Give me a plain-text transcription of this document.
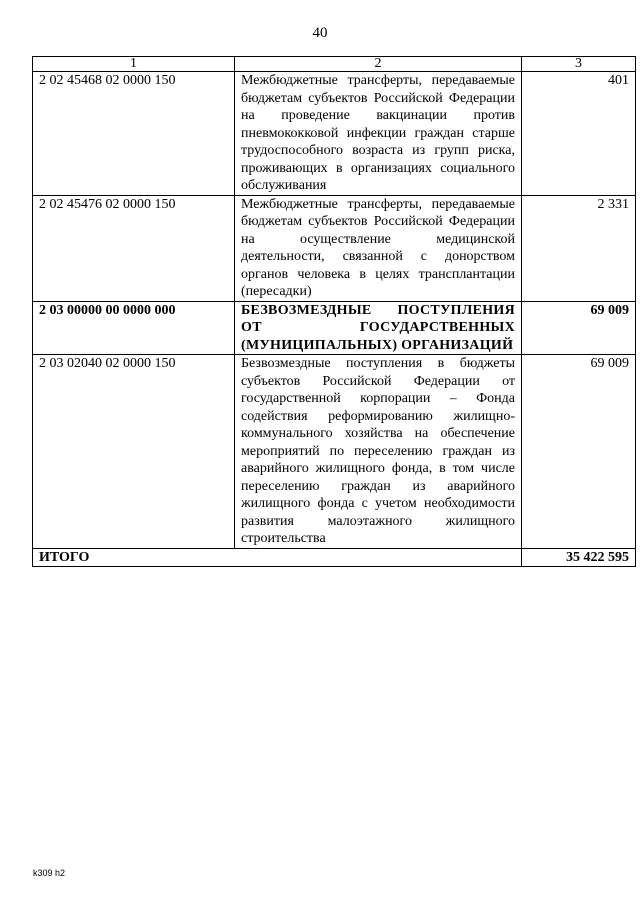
40
1	2	3
2 02 45468 02 0000 150	Межбюджетные трансферты, передаваемые бюджетам субъектов Российской Федерации на проведение вакцинации против пневмококковой инфекции граждан старше трудоспособного возраста из групп риска, проживающих в организациях социального обслуживания	401
2 02 45476 02 0000 150	Межбюджетные трансферты, передаваемые бюджетам субъектов Российской Федерации на осуществление медицинской деятельности, связанной с донорством органов человека в целях трансплантации (пересадки)	2 331
2 03 00000 00 0000 000	БЕЗВОЗМЕЗДНЫЕ ПОСТУПЛЕНИЯ ОТ ГОСУДАРСТВЕННЫХ (МУНИЦИПАЛЬНЫХ) ОРГАНИЗАЦИЙ	69 009
2 03 02040 02 0000 150	Безвозмездные поступления в бюджеты субъектов Российской Федерации от государственной корпорации – Фонда содействия реформированию жилищно-коммунального хозяйства на обеспечение мероприятий по переселению граждан из аварийного жилищного фонда, в том числе переселению граждан из аварийного жилищного фонда с учетом необходимости развития малоэтажного жилищного строительства	69 009
ИТОГО		35 422 595
k309 h2
